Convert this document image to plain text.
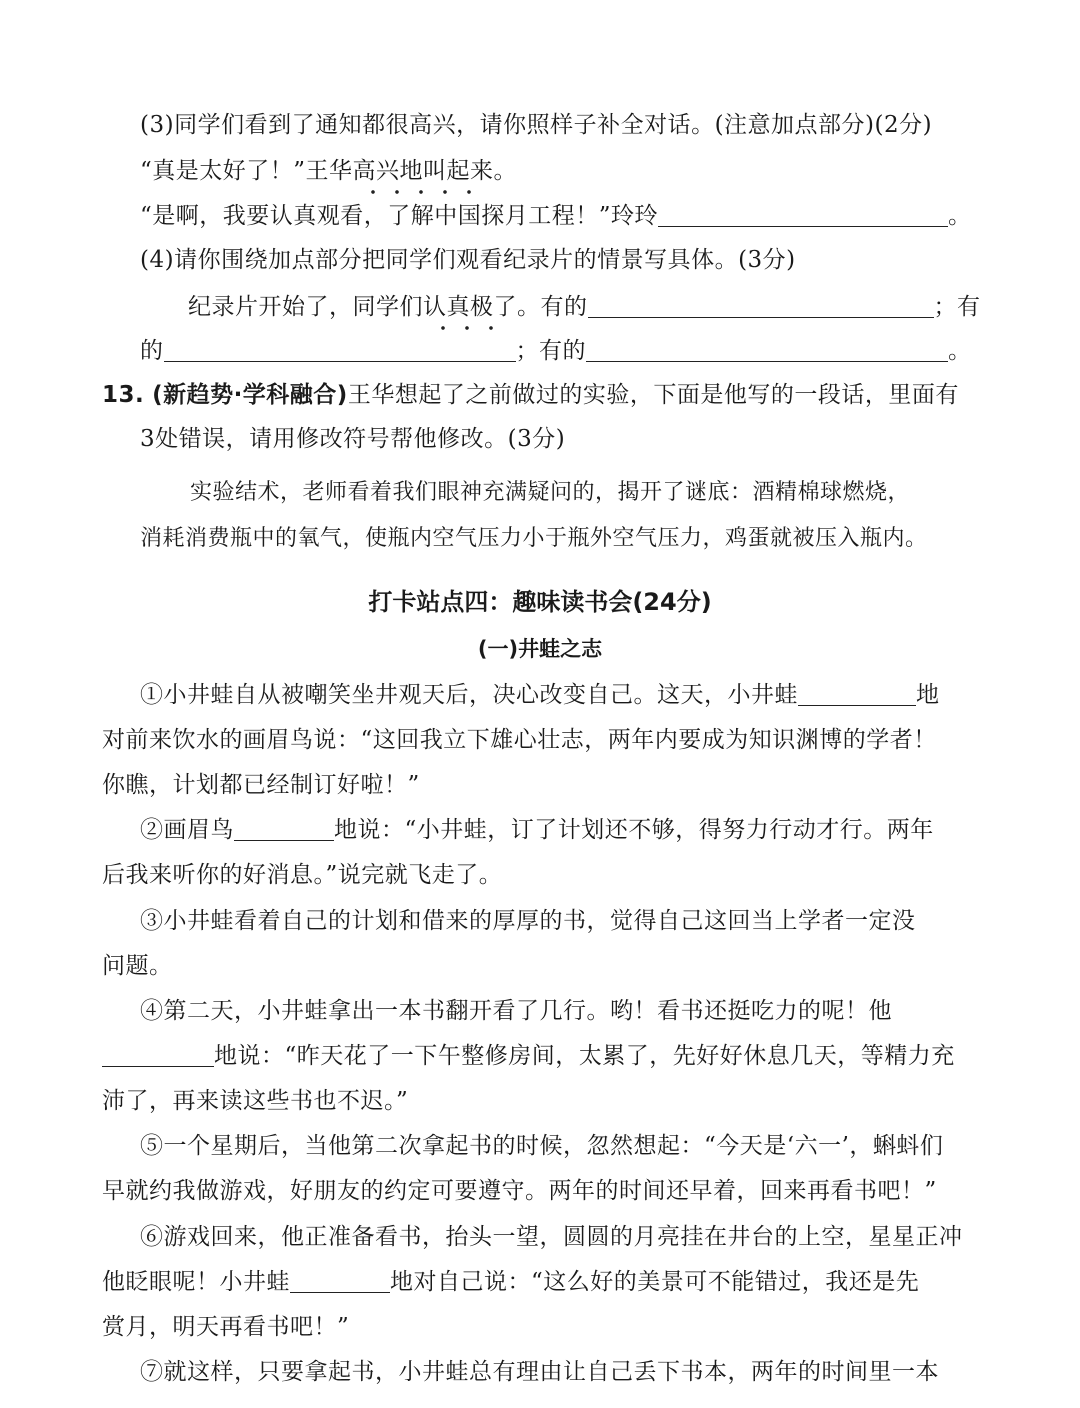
(3)同学们看到了通知都很高兴，请你照样子补全对话。(注意加点部分)(2分)
“真是太好了！”王华高兴地叫起来。
“是啊，我要认真观看，了解中国探月工程！”玲玲	。
(4)请你围绕加点部分把同学们观看纪录片的情景写具体。(3分)
纪录片开始了，同学们认真极了。有的	；有
的	；有的	。
13. (新趋势·学科融合)王华想起了之前做过的实验，下面是他写的一段话，里面有
3处错误，请用修改符号帮他修改。(3分)
实验结术，老师看着我们眼神充满疑问的，揭开了谜底：酒精棉球燃烧，
消耗消费瓶中的氧气，使瓶内空气压力小于瓶外空气压力，鸡蛋就被压入瓶内。
打卡站点四：趣味读书会(24分)
(一)井蛙之志
①小井蛙自从被嘲笑坐井观天后，决心改变自己。这天，小井蛙	地
对前来饮水的画眉鸟说：“这回我立下雄心壮志，两年内要成为知识渊博的学者！
你瞧，计划都已经制订好啦！”
②画眉鸟	地说：“小井蛙，订了计划还不够，得努力行动才行。两年
后我来听你的好消息。”说完就飞走了。
③小井蛙看着自己的计划和借来的厚厚的书，觉得自己这回当上学者一定没
问题。
④第二天，小井蛙拿出一本书翻开看了几行。哟！看书还挺吃力的呢！他
地说：“昨天花了一下午整修房间，太累了，先好好休息几天，等精力充
沛了，再来读这些书也不迟。”
⑤一个星期后，当他第二次拿起书的时候，忽然想起：“今天是‘六一’，蝌蚪们
早就约我做游戏，好朋友的约定可要遵守。两年的时间还早着，回来再看书吧！”
⑥游戏回来，他正准备看书，抬头一望，圆圆的月亮挂在井台的上空，星星正冲
他眨眼呢！小井蛙	地对自己说：“这么好的美景可不能错过，我还是先
赏月，明天再看书吧！”
⑦就这样，只要拿起书，小井蛙总有理由让自己丢下书本，两年的时间里一本
